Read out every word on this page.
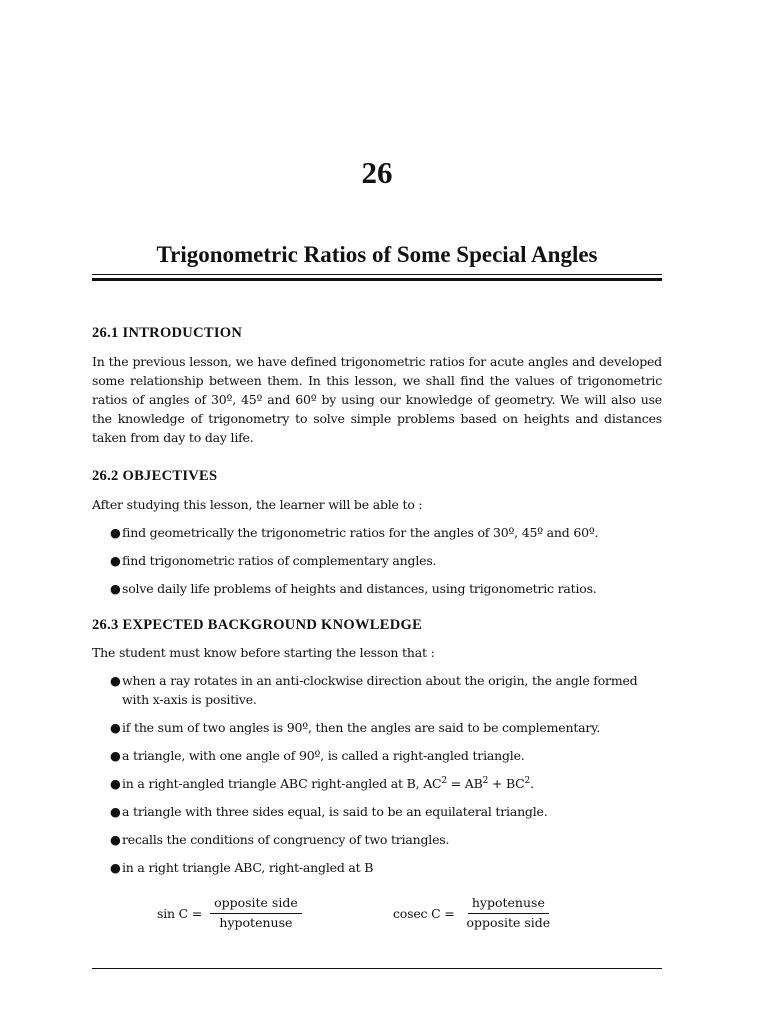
26
Trigonometric Ratios of Some Special Angles
26.1 INTRODUCTION
In the previous lesson, we have defined trigonometric ratios for acute angles and developed some relationship between them. In this lesson, we shall find the values of trigonometric ratios of angles of 30º, 45º and 60º by using our knowledge of geometry. We will also use the knowledge of trigonometry to solve simple problems based on heights and distances taken from day to day life.
26.2 OBJECTIVES
After studying this lesson, the learner will be able to :
● find geometrically the trigonometric ratios for the angles of 30º, 45º and 60º.
● find trigonometric ratios of complementary angles.
● solve daily life problems of heights and distances, using trigonometric ratios.
26.3 EXPECTED BACKGROUND KNOWLEDGE
The student must know before starting the lesson that :
● when a ray rotates in an anti-clockwise direction about the origin, the angle formed with x-axis is positive.
● if the sum of two angles is 90º, then the angles are said to be complementary.
● a triangle, with one angle of 90º, is called a right-angled triangle.
● in a right-angled triangle ABC right-angled at B, $AC^2 = AB^2 + BC^2$.
● a triangle with three sides equal, is said to be an equilateral triangle.
● recalls the conditions of congruency of two triangles.
● in a right triangle ABC, right-angled at B
$\sin C = \frac{\text{opposite side}}{\text{hypotenuse}}$	cosec $C = \frac{\text{hypotenuse}}{\text{opposite side}}$
